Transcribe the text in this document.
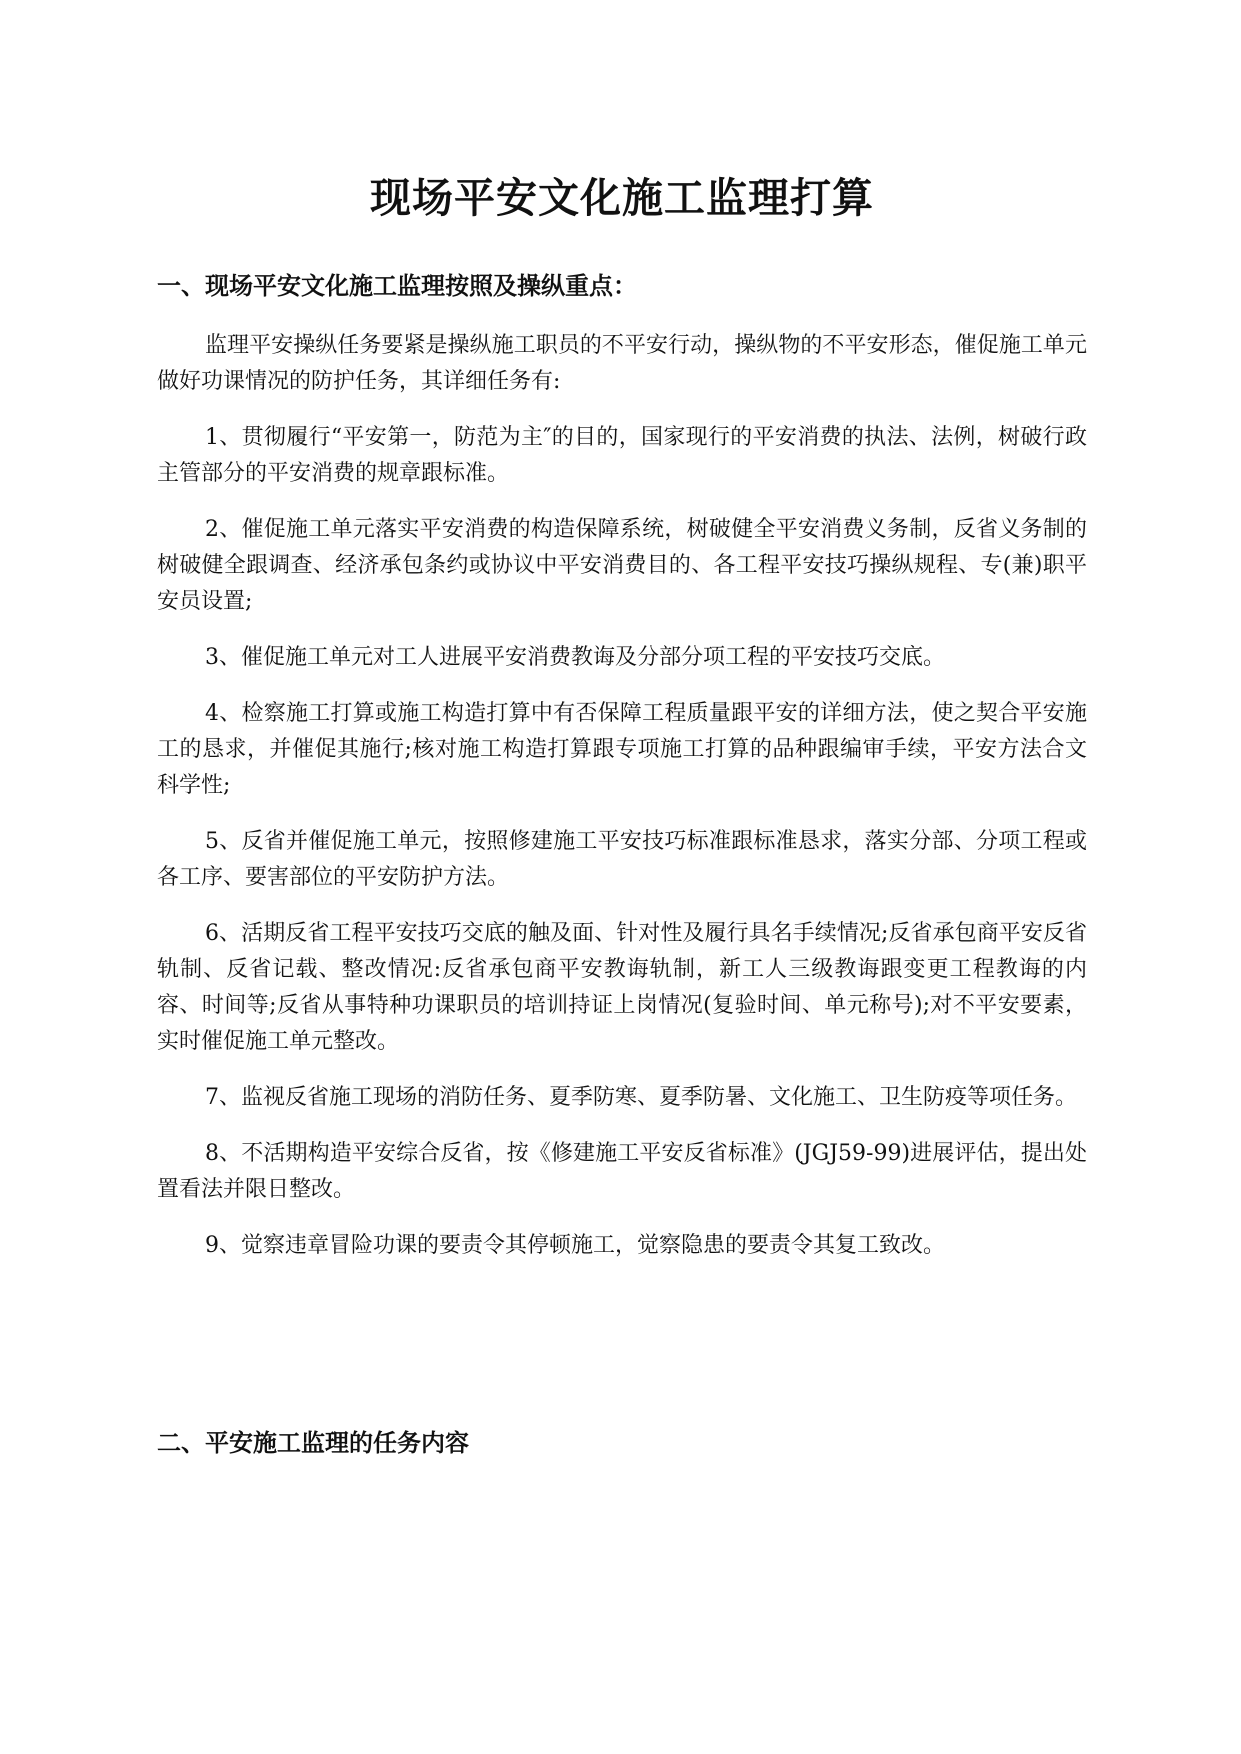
现场平安文化施工监理打算
一、现场平安文化施工监理按照及操纵重点：

监理平安操纵任务要紧是操纵施工职员的不平安行动，操纵物的不平安形态，催促施工单元做好功课情况的防护任务，其详细任务有:

1、贯彻履行“平安第一，防范为主″的目的，国家现行的平安消费的执法、法例，树破行政主管部分的平安消费的规章跟标准。

2、催促施工单元落实平安消费的构造保障系统，树破健全平安消费义务制，反省义务制的树破健全跟调查、经济承包条约或协议中平安消费目的、各工程平安技巧操纵规程、专(兼)职平安员设置;

3、催促施工单元对工人进展平安消费教诲及分部分项工程的平安技巧交底。

4、检察施工打算或施工构造打算中有否保障工程质量跟平安的详细方法，使之契合平安施工的恳求，并催促其施行;核对施工构造打算跟专项施工打算的品种跟编审手续，平安方法合文科学性;

5、反省并催促施工单元，按照修建施工平安技巧标准跟标准恳求，落实分部、分项工程或各工序、要害部位的平安防护方法。

6、活期反省工程平安技巧交底的触及面、针对性及履行具名手续情况;反省承包商平安反省轨制、反省记载、整改情况:反省承包商平安教诲轨制，新工人三级教诲跟变更工程教诲的内容、时间等;反省从事特种功课职员的培训持证上岗情况(复验时间、单元称号);对不平安要素，实时催促施工单元整改。

7、监视反省施工现场的消防任务、夏季防寒、夏季防暑、文化施工、卫生防疫等项任务。

8、不活期构造平安综合反省，按《修建施工平安反省标准》(JGJ59-99)进展评估，提出处置看法并限日整改。

9、觉察违章冒险功课的要责令其停顿施工，觉察隐患的要责令其复工致改。

二、平安施工监理的任务内容
